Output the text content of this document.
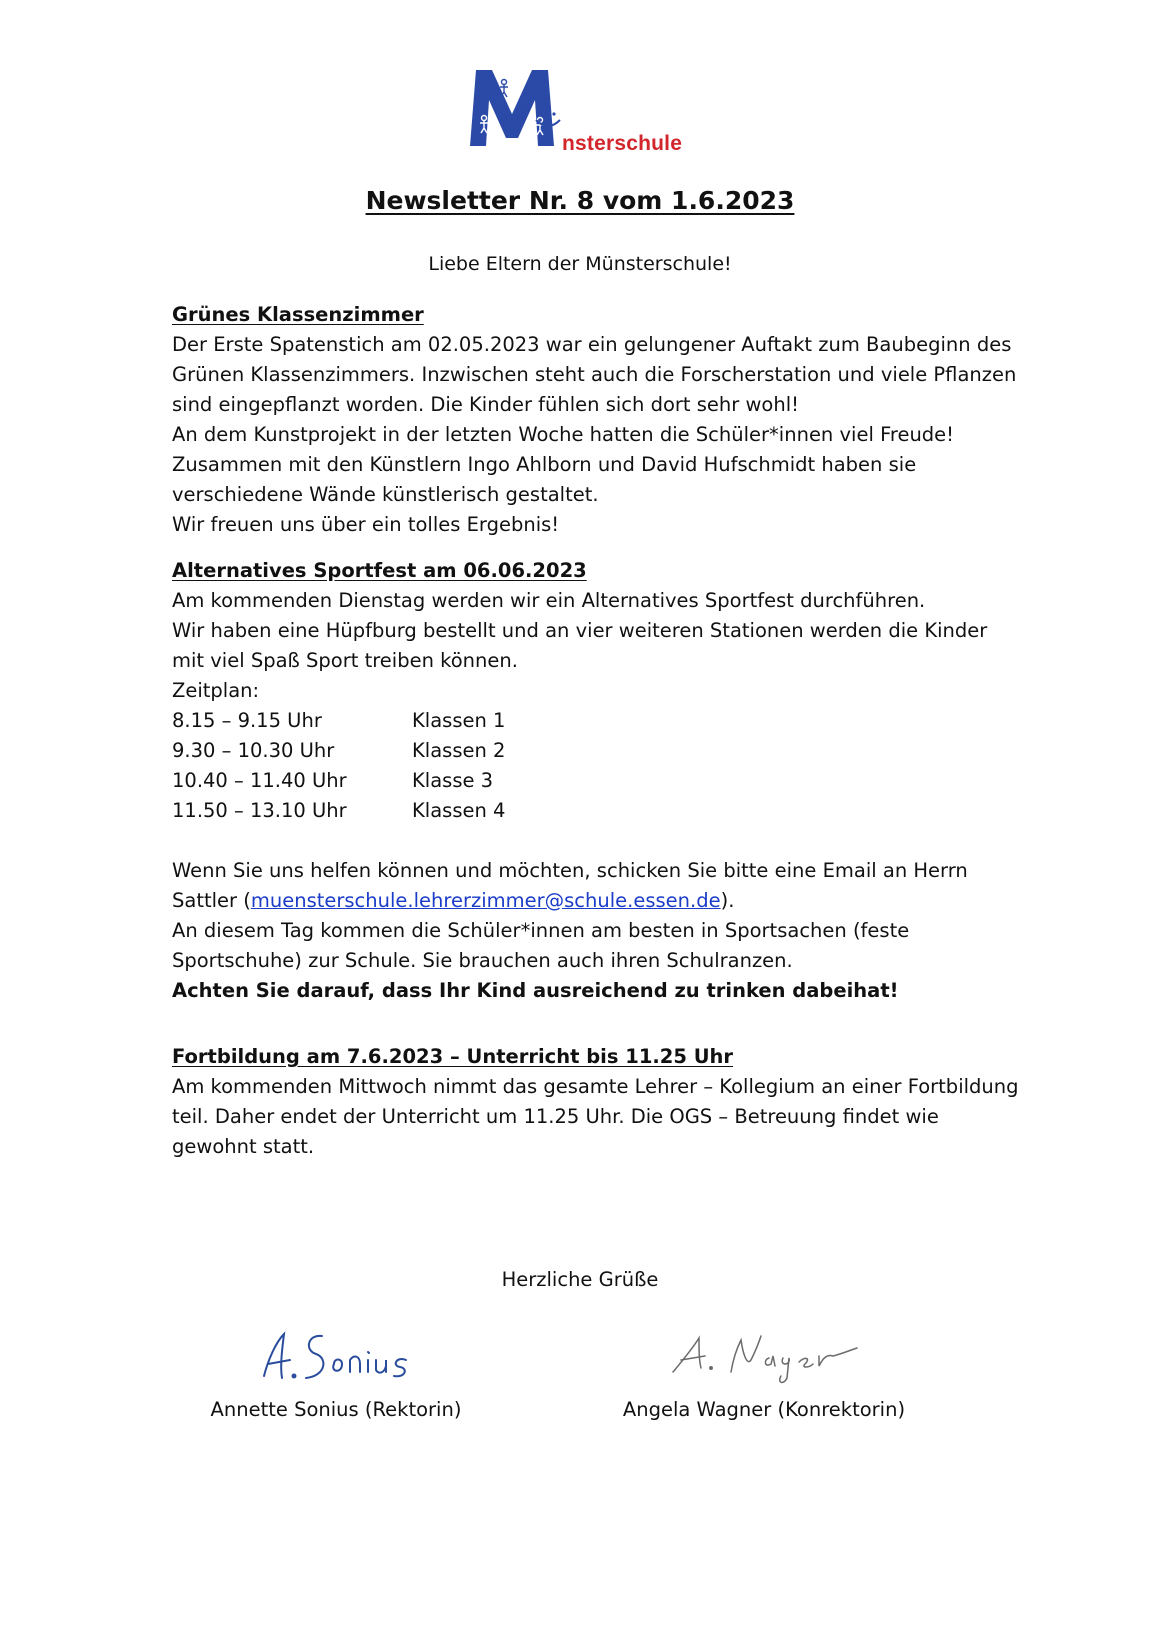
nsterschule
Newsletter Nr. 8 vom 1.6.2023
Liebe Eltern der Münsterschule!

Grünes Klassenzimmer

Der Erste Spatenstich am 02.05.2023 war ein gelungener Auftakt zum Baubeginn des

Grünen Klassenzimmers. Inzwischen steht auch die Forscherstation und viele Pflanzen

sind eingepflanzt worden. Die Kinder fühlen sich dort sehr wohl!

An dem Kunstprojekt in der letzten Woche hatten die Schüler*innen viel Freude!

Zusammen mit den Künstlern Ingo Ahlborn und David Hufschmidt haben sie

verschiedene Wände künstlerisch gestaltet.

Wir freuen uns über ein tolles Ergebnis!

Alternatives Sportfest am 06.06.2023

Am kommenden Dienstag werden wir ein Alternatives Sportfest durchführen.

Wir haben eine Hüpfburg bestellt und an vier weiteren Stationen werden die Kinder

mit viel Spaß Sport treiben können.

Zeitplan:

8.15 – 9.15 Uhr	Klassen 1
9.30 – 10.30 Uhr	Klassen 2
10.40 – 11.40 Uhr	Klasse 3
11.50 – 13.10 Uhr	Klassen 4

Wenn Sie uns helfen können und möchten, schicken Sie bitte eine Email an Herrn

Sattler (muensterschule.lehrerzimmer@schule.essen.de).

An diesem Tag kommen die Schüler*innen am besten in Sportsachen (feste

Sportschuhe) zur Schule. Sie brauchen auch ihren Schulranzen.

Achten Sie darauf, dass Ihr Kind ausreichend zu trinken dabeihat!

Fortbildung am 7.6.2023 – Unterricht bis 11.25 Uhr

Am kommenden Mittwoch nimmt das gesamte Lehrer – Kollegium an einer Fortbildung

teil. Daher endet der Unterricht um 11.25 Uhr. Die OGS – Betreuung findet wie

gewohnt statt.

Herzliche Grüße
Annette Sonius (Rektorin)	Angela Wagner (Konrektorin)
